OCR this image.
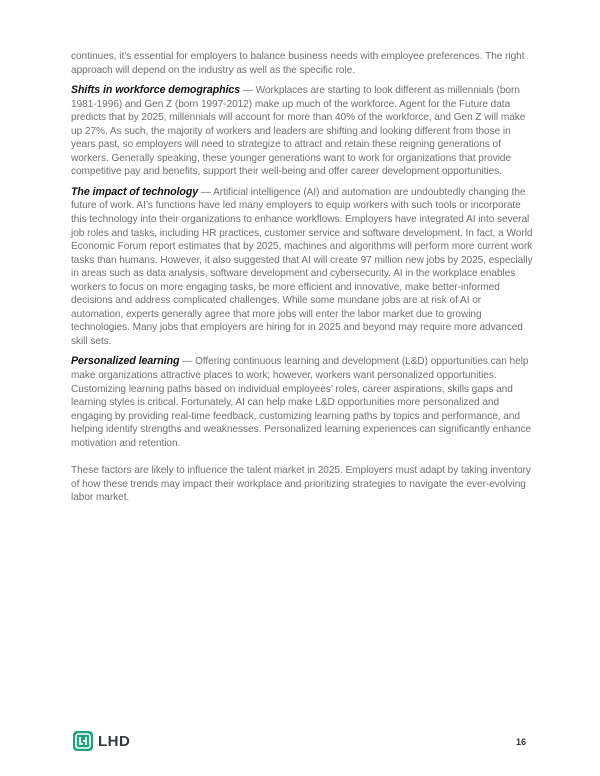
continues, it’s essential for employers to balance business needs with employee preferences. The right approach will depend on the industry as well as the specific role.

Shifts in workforce demographics — Workplaces are starting to look different as millennials (born 1981-1996) and Gen Z (born 1997-2012) make up much of the workforce. Agent for the Future data predicts that by 2025, millennials will account for more than 40% of the workforce, and Gen Z will make up 27%. As such, the majority of workers and leaders are shifting and looking different from those in years past, so employers will need to strategize to attract and retain these reigning generations of workers. Generally speaking, these younger generations want to work for organizations that provide competitive pay and benefits, support their well-being and offer career development opportunities.

The impact of technology — Artificial intelligence (AI) and automation are undoubtedly changing the future of work. AI’s functions have led many employers to equip workers with such tools or incorporate this technology into their organizations to enhance workflows. Employers have integrated AI into several job roles and tasks, including HR practices, customer service and software development. In fact, a World Economic Forum report estimates that by 2025, machines and algorithms will perform more current work tasks than humans. However, it also suggested that AI will create 97 million new jobs by 2025, especially in areas such as data analysis, software development and cybersecurity. AI in the workplace enables workers to focus on more engaging tasks, be more efficient and innovative, make better-informed decisions and address complicated challenges. While some mundane jobs are at risk of AI or automation, experts generally agree that more jobs will enter the labor market due to growing technologies. Many jobs that employers are hiring for in 2025 and beyond may require more advanced skill sets.

Personalized learning — Offering continuous learning and development (L&D) opportunities can help make organizations attractive places to work; however, workers want personalized opportunities. Customizing learning paths based on individual employees’ roles, career aspirations, skills gaps and learning styles is critical. Fortunately, AI can help make L&D opportunities more personalized and engaging by providing real-time feedback, customizing learning paths by topics and performance, and helping identify strengths and weaknesses. Personalized learning experiences can significantly enhance motivation and retention.

These factors are likely to influence the talent market in 2025. Employers must adapt by taking inventory of how these trends may impact their workplace and prioritizing strategies to navigate the ever-evolving labor market.

LHD	16
